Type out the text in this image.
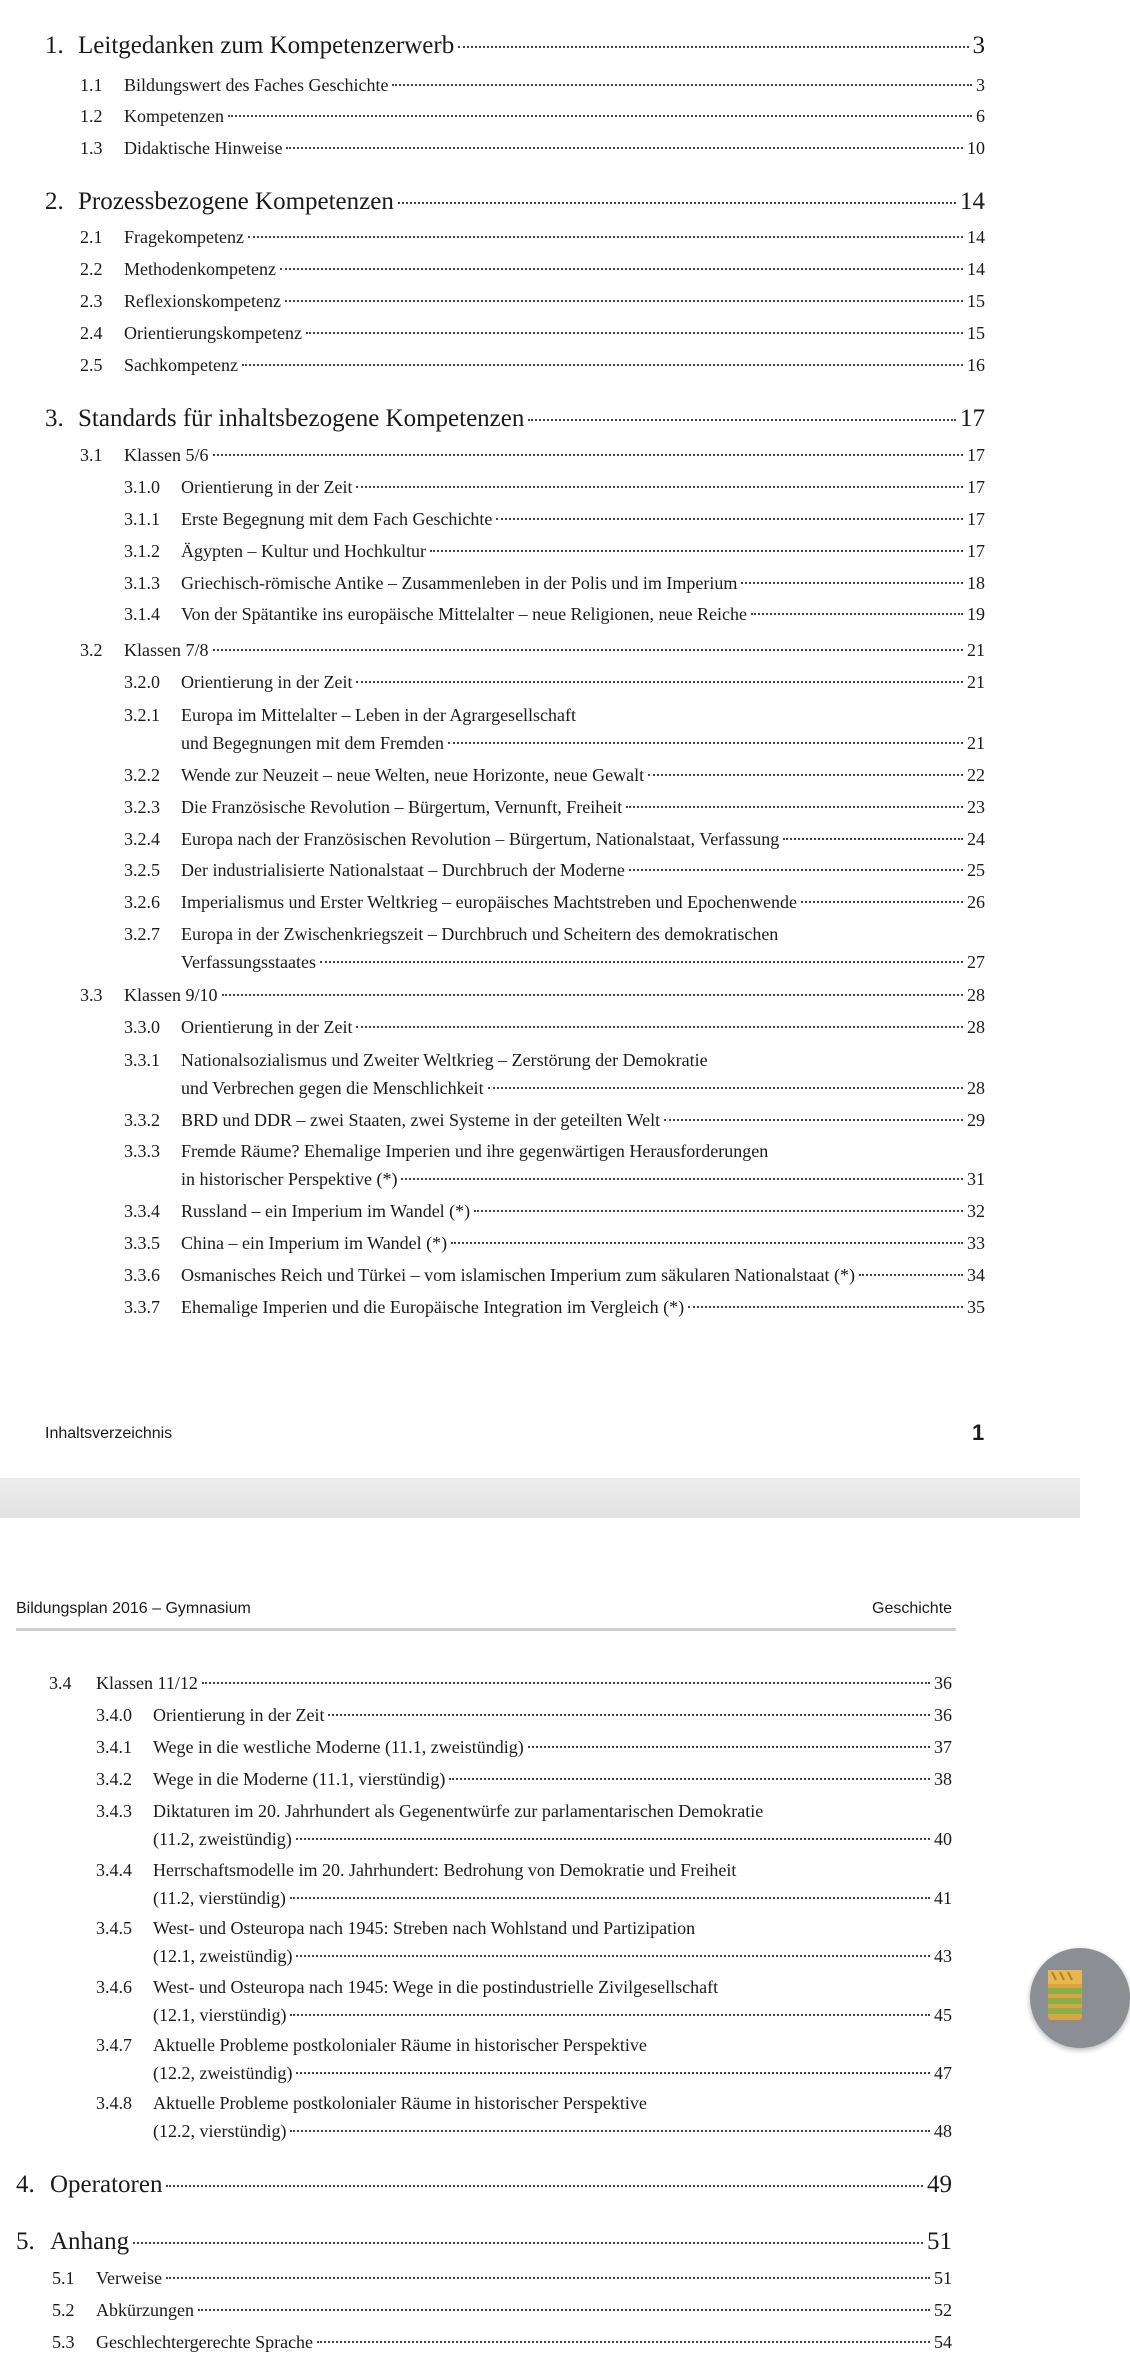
1. Leitgedanken zum Kompetenzerwerb	3
1.1	Bildungswert des Faches Geschichte	3
1.2	Kompetenzen	6
1.3	Didaktische Hinweise	10
2. Prozessbezogene Kompetenzen	14
2.1	Fragekompetenz	14
2.2	Methodenkompetenz	14
2.3	Reflexionskompetenz	15
2.4	Orientierungskompetenz	15
2.5	Sachkompetenz	16
3. Standards für inhaltsbezogene Kompetenzen	17
3.1	Klassen 5/6	17
3.1.0	Orientierung in der Zeit	17
3.1.1	Erste Begegnung mit dem Fach Geschichte	17
3.1.2	Ägypten – Kultur und Hochkultur	17
3.1.3	Griechisch-römische Antike – Zusammenleben in der Polis und im Imperium	18
3.1.4	Von der Spätantike ins europäische Mittelalter – neue Religionen, neue Reiche	19
3.2	Klassen 7/8	21
3.2.0	Orientierung in der Zeit	21
3.2.1	Europa im Mittelalter – Leben in der Agrargesellschaft
und Begegnungen mit dem Fremden	21
3.2.2	Wende zur Neuzeit – neue Welten, neue Horizonte, neue Gewalt	22
3.2.3	Die Französische Revolution – Bürgertum, Vernunft, Freiheit	23
3.2.4	Europa nach der Französischen Revolution – Bürgertum, Nationalstaat, Verfassung	24
3.2.5	Der industrialisierte Nationalstaat – Durchbruch der Moderne	25
3.2.6	Imperialismus und Erster Weltkrieg – europäisches Machtstreben und Epochenwende	26
3.2.7	Europa in der Zwischenkriegszeit – Durchbruch und Scheitern des demokratischen
Verfassungsstaates	27
3.3	Klassen 9/10	28
3.3.0	Orientierung in der Zeit	28
3.3.1	Nationalsozialismus und Zweiter Weltkrieg – Zerstörung der Demokratie
und Verbrechen gegen die Menschlichkeit	28
3.3.2	BRD und DDR – zwei Staaten, zwei Systeme in der geteilten Welt	29
3.3.3	Fremde Räume? Ehemalige Imperien und ihre gegenwärtigen Herausforderungen
in historischer Perspektive (*)	31
3.3.4	Russland – ein Imperium im Wandel (*)	32
3.3.5	China – ein Imperium im Wandel (*)	33
3.3.6	Osmanisches Reich und Türkei – vom islamischen Imperium zum säkularen Nationalstaat (*)	34
3.3.7	Ehemalige Imperien und die Europäische Integration im Vergleich (*)	35
Inhaltsverzeichnis	1
Bildungsplan 2016 – Gymnasium	Geschichte
3.4	Klassen 11/12	36
3.4.0	Orientierung in der Zeit	36
3.4.1	Wege in die westliche Moderne (11.1, zweistündig)	37
3.4.2	Wege in die Moderne (11.1, vierstündig)	38
3.4.3	Diktaturen im 20. Jahrhundert als Gegenentwürfe zur parlamentarischen Demokratie
(11.2, zweistündig)	40
3.4.4	Herrschaftsmodelle im 20. Jahrhundert: Bedrohung von Demokratie und Freiheit
(11.2, vierstündig)	41
3.4.5	West- und Osteuropa nach 1945: Streben nach Wohlstand und Partizipation
(12.1, zweistündig)	43
3.4.6	West- und Osteuropa nach 1945: Wege in die postindustrielle Zivilgesellschaft
(12.1, vierstündig)	45
3.4.7	Aktuelle Probleme postkolonialer Räume in historischer Perspektive
(12.2, zweistündig)	47
3.4.8	Aktuelle Probleme postkolonialer Räume in historischer Perspektive
(12.2, vierstündig)	48
4. Operatoren	49
5. Anhang	51
5.1	Verweise	51
5.2	Abkürzungen	52
5.3	Geschlechtergerechte Sprache	54
